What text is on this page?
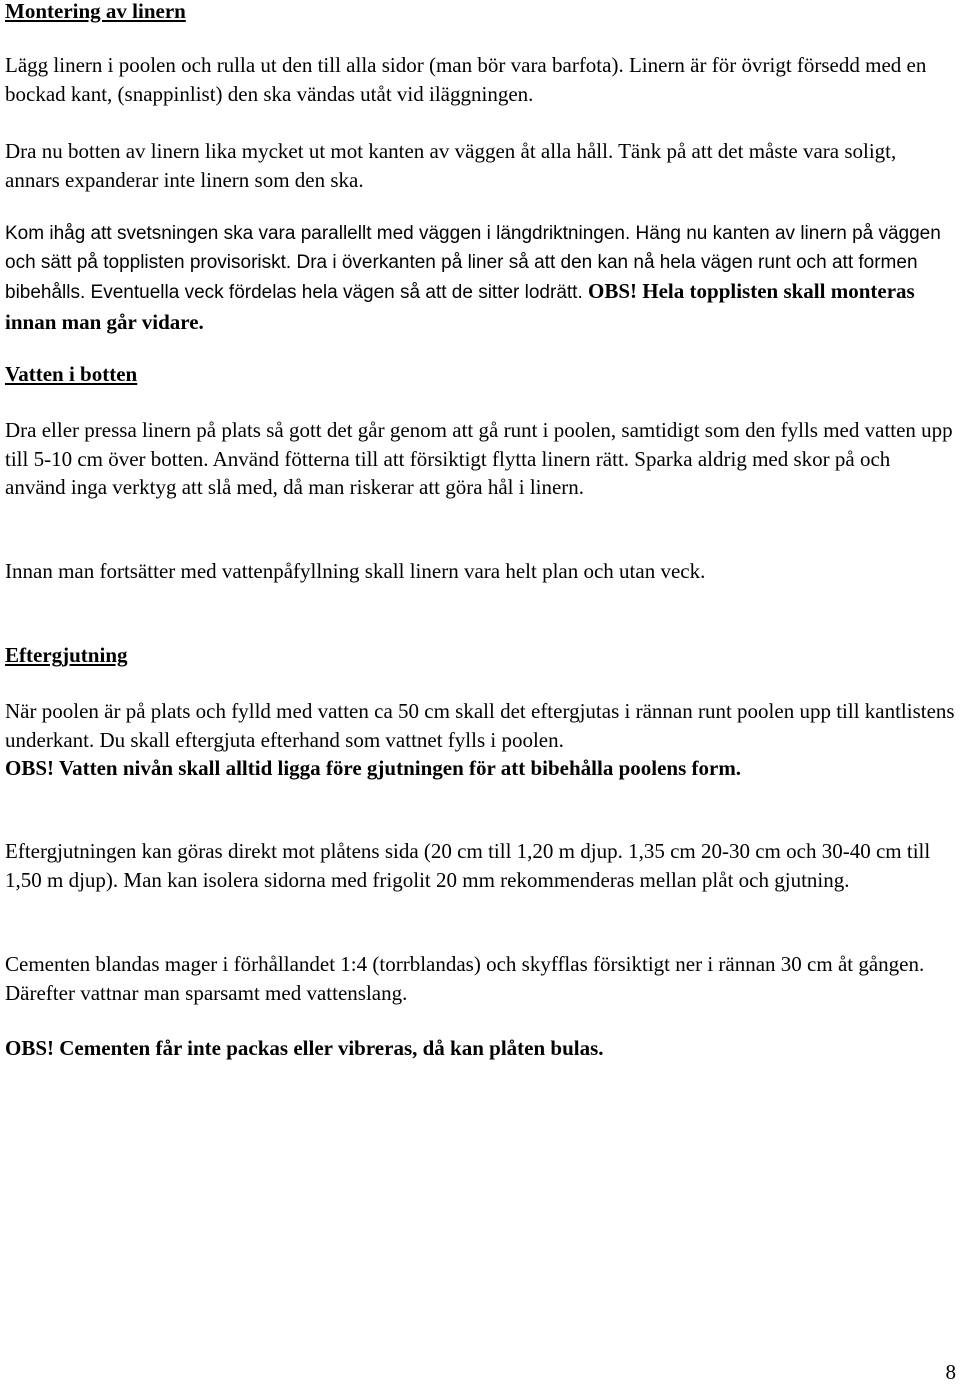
Montering av linern

Lägg linern i poolen och rulla ut den till alla sidor (man bör vara barfota). Linern är för övrigt försedd med en bockad kant, (snappinlist) den ska vändas utåt vid iläggningen.

Dra nu botten av linern lika mycket ut mot kanten av väggen åt alla håll. Tänk på att det måste vara soligt, annars expanderar inte linern som den ska.

Kom ihåg att svetsningen ska vara parallellt med väggen i längdriktningen. Häng nu kanten av linern på väggen och sätt på topplisten provisoriskt. Dra i överkanten på liner så att den kan nå hela vägen runt och att formen bibehålls. Eventuella veck fördelas hela vägen så att de sitter lodrätt. OBS! Hela topplisten skall monteras innan man går vidare.

Vatten i botten

Dra eller pressa linern på plats så gott det går genom att gå runt i poolen, samtidigt som den fylls med vatten upp till 5-10 cm över botten. Använd fötterna till att försiktigt flytta linern rätt. Sparka aldrig med skor på och använd inga verktyg att slå med, då man riskerar att göra hål i linern.

Innan man fortsätter med vattenpåfyllning skall linern vara helt plan och utan veck.

Eftergjutning

När poolen är på plats och fylld med vatten ca 50 cm skall det eftergjutas i rännan runt poolen upp till kantlistens underkant. Du skall eftergjuta efterhand som vattnet fylls i poolen.
OBS! Vatten nivån skall alltid ligga före gjutningen för att bibehålla poolens form.

Eftergjutningen kan göras direkt mot plåtens sida (20 cm till 1,20 m djup. 1,35 cm 20-30 cm och 30-40 cm till 1,50 m djup). Man kan isolera sidorna med frigolit 20 mm rekommenderas mellan plåt och gjutning.

Cementen blandas mager i förhållandet 1:4 (torrblandas) och skyfflas försiktigt ner i rännan 30 cm åt gången. Därefter vattnar man sparsamt med vattenslang.

OBS! Cementen får inte packas eller vibreras, då kan plåten bulas.

8
